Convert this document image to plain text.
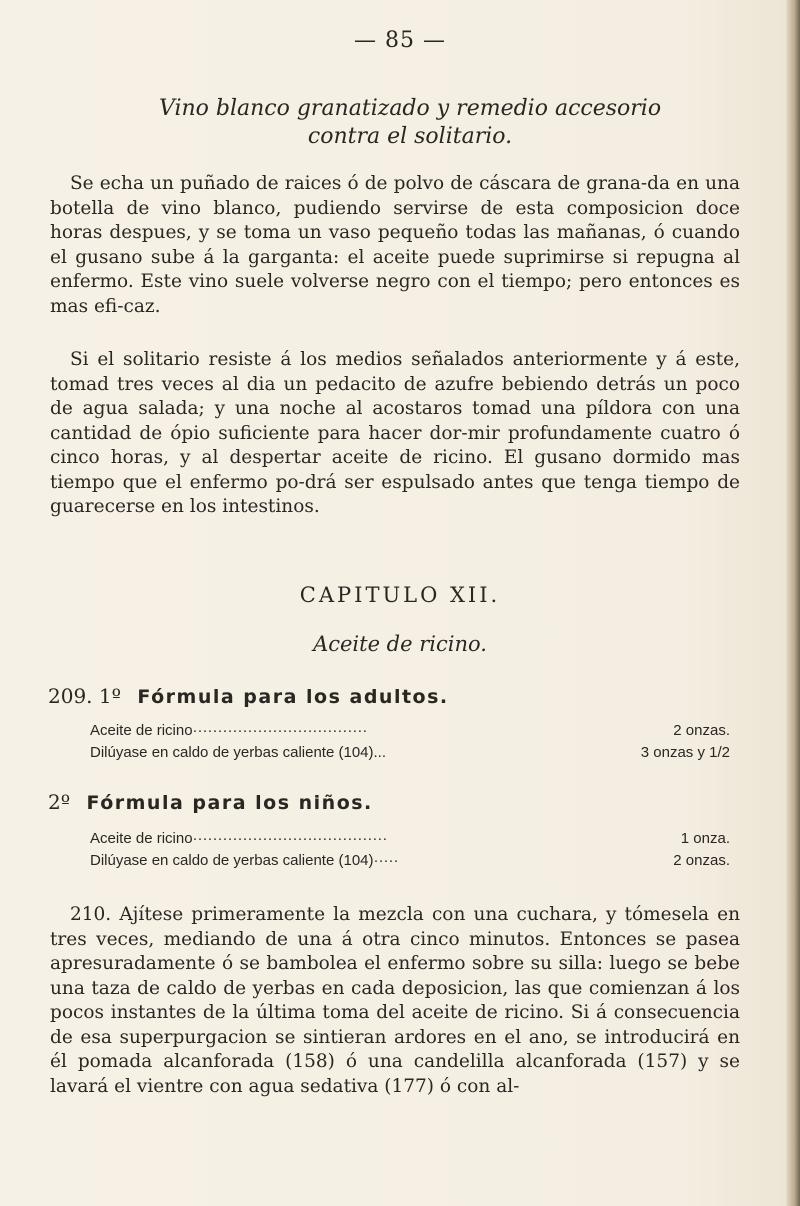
— 85 —
Vino blanco granatizado y remedio accesorio
contra el solitario.

Se echa un puñado de raices ó de polvo de cáscara de grana-da en una botella de vino blanco, pudiendo servirse de esta composicion doce horas despues, y se toma un vaso pequeño todas las mañanas, ó cuando el gusano sube á la garganta: el aceite puede suprimirse si repugna al enfermo. Este vino suele volverse negro con el tiempo; pero entonces es mas efi-caz.

Si el solitario resiste á los medios señalados anteriormente y á este, tomad tres veces al dia un pedacito de azufre bebiendo detrás un poco de agua salada; y una noche al acostaros tomad una píldora con una cantidad de ópio suficiente para hacer dor-mir profundamente cuatro ó cinco horas, y al despertar aceite de ricino. El gusano dormido mas tiempo que el enfermo po-drá ser espulsado antes que tenga tiempo de guarecerse en los intestinos.

CAPITULO XII.
Aceite de ricino.
209. 1º Fórmula para los adultos.
Aceite de ricino···································	2 onzas.
Dilúyase en caldo de yerbas caliente (104)...	3 onzas y 1/2
2º Fórmula para los niños.
Aceite de ricino·······································	1 onza.
Dilúyase en caldo de yerbas caliente (104)·····	2 onzas.

210. Ajítese primeramente la mezcla con una cuchara, y tómesela en tres veces, mediando de una á otra cinco minutos. Entonces se pasea apresuradamente ó se bambolea el enfermo sobre su silla: luego se bebe una taza de caldo de yerbas en cada deposicion, las que comienzan á los pocos instantes de la última toma del aceite de ricino. Si á consecuencia de esa superpurgacion se sintieran ardores en el ano, se introducirá en él pomada alcanforada (158) ó una candelilla alcanforada (157) y se lavará el vientre con agua sedativa (177) ó con al-
